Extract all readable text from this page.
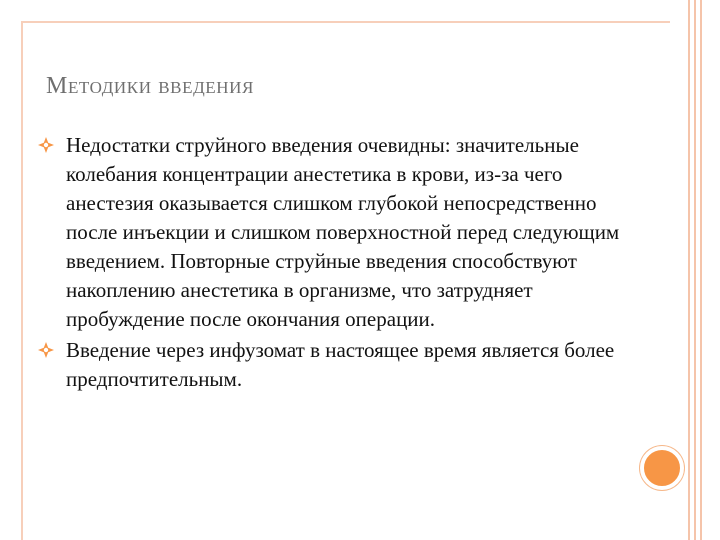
Методики введения
Недостатки струйного введения очевидны: значительные колебания концентрации анестетика в крови, из-за чего анестезия оказывается слишком глубокой непосредственно после инъекции и слишком поверхностной перед следующим введением. Повторные струйные введения способствуют накоплению анестетика в организме, что затрудняет пробуждение после окончания операции.
Введение через инфузомат в настоящее время является более предпочтительным.
